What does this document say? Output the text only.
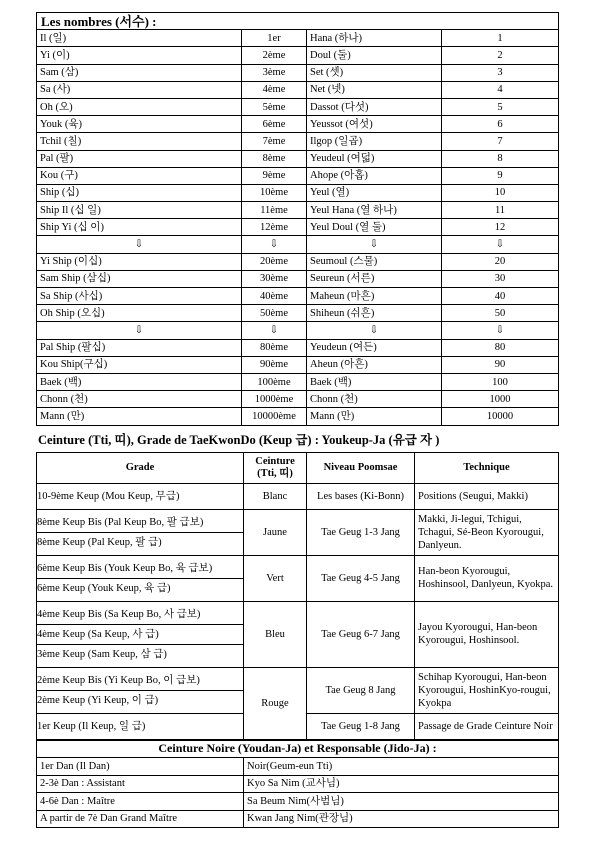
Les nombres (서수) :			
Il (일)	1er	Hana (하나)	1
Yi (이)	2ème	Doul (둘)	2
Sam (삼)	3ème	Set (셋)	3
Sa (사)	4ème	Net (넷)	4
Oh (오)	5ème	Dassot (다섯)	5
Youk (육)	6ème	Yeussot (여섯)	6
Tchil (칠)	7ème	Ilgop (일곱)	7
Pal (팔)	8ème	Yeudeul (여덟)	8
Kou (구)	9ème	Ahope (아홉)	9
Ship (십)	10ème	Yeul (열)	10
Ship Il (십 일)	11ème	Yeul Hana (열 하나)	11
Ship Yi (십 이)	12ème	Yeul Doul (열 둘)	12
⇩	⇩	⇩	⇩
Yi Ship (이십)	20ème	Seumoul (스물)	20
Sam Ship (삼십)	30ème	Seureun (서른)	30
Sa Ship (사십)	40ème	Maheun (마흔)	40
Oh Ship (오십)	50ème	Shiheun (쉬흔)	50
⇩	⇩	⇩	⇩
Pal Ship (팔십)	80ème	Yeudeun (여든)	80
Kou Ship(구십)	90ème	Aheun (아흔)	90
Baek (백)	100ème	Baek (백)	100
Chonn (천)	1000ème	Chonn (천)	1000
Mann (만)	10000ème	Mann (만)	10000
Ceinture (Tti, 띠), Grade de TaeKwonDo (Keup 급) : Youkeup-Ja (유급 자 )
Grade	Ceinture (Tti, 띠)	Niveau Poomsae	Technique

10-9ème Keup (Mou Keup, 무급)	Blanc	Les bases (Ki-Bonn)	Positions (Seugui, Makki)

8ème Keup Bis (Pal Keup Bo, 팔 급보)
8ème Keup (Pal Keup, 팔 급)	Jaune	Tae Geug 1-3 Jang	Makki, Ji-legui, Tchigui, Tchagui, Sé-Beon Kyorougui, Danlyeun.

6ème Keup Bis (Youk Keup Bo, 육 급보)
6ème Keup (Youk Keup, 육 급)	Vert	Tae Geug 4-5 Jang	Han-beon Kyorougui, Hoshinsool, Danlyeun, Kyokpa.

4ème Keup Bis (Sa Keup Bo, 사 급보)
4ème Keup (Sa Keup, 사 급)
3ème Keup (Sam Keup, 삼 급)	Bleu	Tae Geug 6-7 Jang	Jayou Kyorougui, Han-beon Kyorougui, Hoshinsool.

2ème Keup Bis (Yi Keup Bo, 이 급보)
2ème Keup (Yi Keup, 이 급)	Rouge	Tae Geug 8 Jang	Schihap Kyorougui, Han-beon Kyorougui, HoshinKyo-rougui, Kyokpa

1er Keup (Il Keup, 일 급)		Tae Geug 1-8 Jang	Passage de Grade Ceinture Noir
Ceinture Noire (Youdan-Ja) et Responsable (Jido-Ja) :	
1er Dan (Il Dan)	Noir(Geum-eun Tti)
2-3è Dan : Assistant	Kyo Sa Nim (교사님)
4-6è Dan : Maître	Sa Beum Nim(사범님)
A partir de 7è Dan Grand Maître	Kwan Jang Nim(관장님)
